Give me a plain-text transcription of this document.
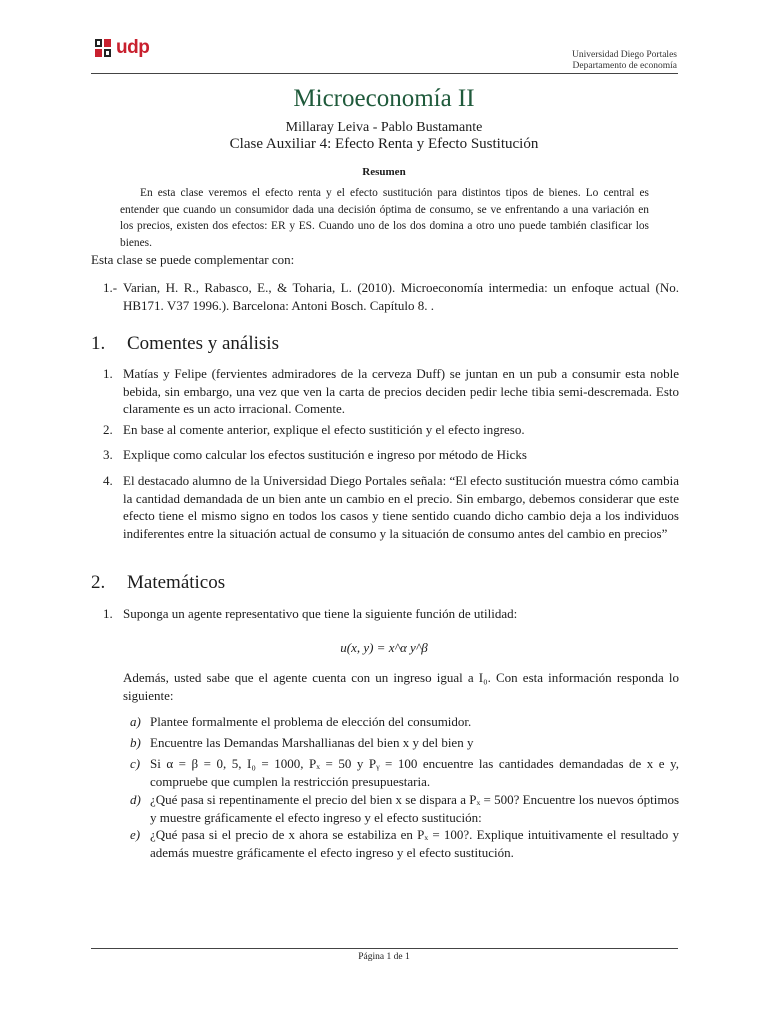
udp	Universidad Diego Portales
Departamento de economía
Microeconomía II
Millaray Leiva - Pablo Bustamante
Clase Auxiliar 4: Efecto Renta y Efecto Sustitución
Resumen
En esta clase veremos el efecto renta y el efecto sustitución para distintos tipos de bienes. Lo central es entender que cuando un consumidor dada una decisión óptima de consumo, se ve enfrentando a una variación en los precios, existen dos efectos: ER y ES. Cuando uno de los dos domina a otro uno puede también clasificar los bienes.
Esta clase se puede complementar con:
1.- Varian, H. R., Rabasco, E., & Toharia, L. (2010). Microeconomía intermedia: un enfoque actual (No. HB171. V37 1996.). Barcelona: Antoni Bosch. Capítulo 8. .
1. Comentes y análisis
1. Matías y Felipe (fervientes admiradores de la cerveza Duff) se juntan en un pub a consumir esta noble bebida, sin embargo, una vez que ven la carta de precios deciden pedir leche tibia semi-descremada. Esto claramente es un acto irracional. Comente.
2. En base al comente anterior, explique el efecto sustitición y el efecto ingreso.
3. Explique como calcular los efectos sustitución e ingreso por método de Hicks
4. El destacado alumno de la Universidad Diego Portales señala: “El efecto sustitución muestra cómo cambia la cantidad demandada de un bien ante un cambio en el precio. Sin embargo, debemos considerar que este efecto tiene el mismo signo en todos los casos y tiene sentido cuando dicho cambio deja a los individuos indiferentes entre la situación actual de consumo y la situación de consumo antes del cambio en precios”
2. Matemáticos
1. Suponga un agente representativo que tiene la siguiente función de utilidad:
u(x, y) = x^α y^β
Además, usted sabe que el agente cuenta con un ingreso igual a I₀. Con esta información responda lo siguiente:
a) Plantee formalmente el problema de elección del consumidor.
b) Encuentre las Demandas Marshallianas del bien x y del bien y
c) Si α = β = 0, 5, I₀ = 1000, Pₓ = 50 y Pᵧ = 100 encuentre las cantidades demandadas de x e y, compruebe que cumplen la restricción presupuestaria.
d) ¿Qué pasa si repentinamente el precio del bien x se dispara a Pₓ = 500? Encuentre los nuevos óptimos y muestre gráficamente el efecto ingreso y el efecto sustitución:
e) ¿Qué pasa si el precio de x ahora se estabiliza en Pₓ = 100?. Explique intuitivamente el resultado y además muestre gráficamente el efecto ingreso y el efecto sustitución.
Página 1 de 1
